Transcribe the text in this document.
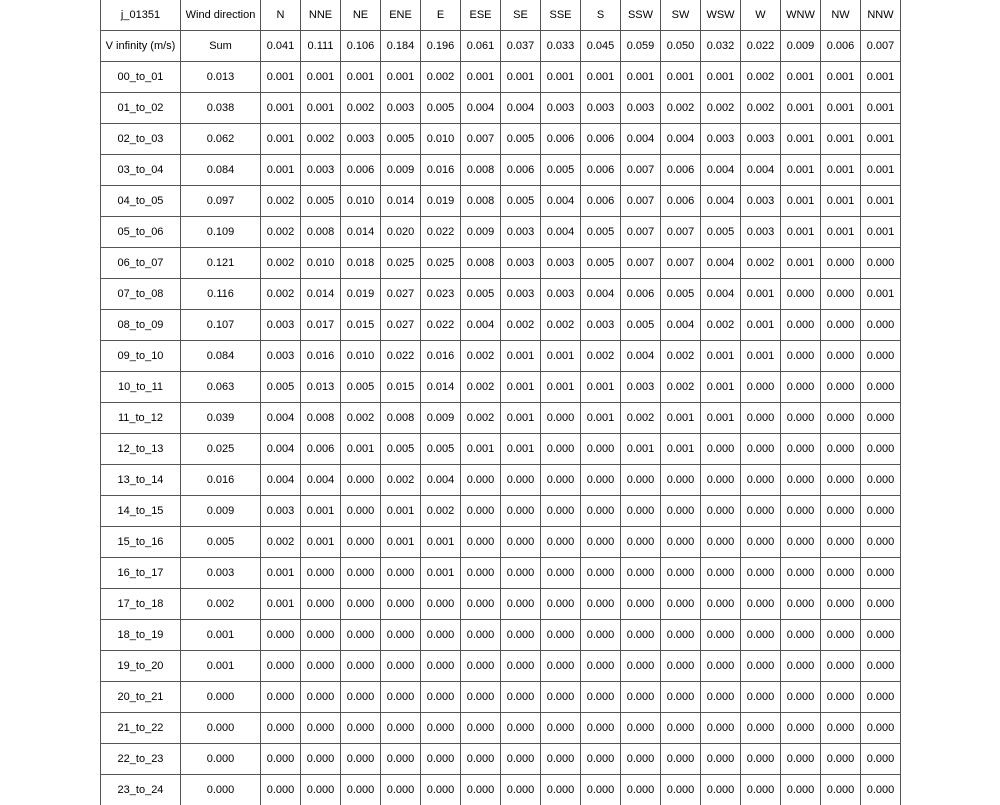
j_01351	Wind direction	N	NNE	NE	ENE	E	ESE	SE	SSE	S	SSW	SW	WSW	W	WNW	NW	NNW
V infinity (m/s)	Sum	0.041	0.111	0.106	0.184	0.196	0.061	0.037	0.033	0.045	0.059	0.050	0.032	0.022	0.009	0.006	0.007
00_to_01	0.013	0.001	0.001	0.001	0.001	0.002	0.001	0.001	0.001	0.001	0.001	0.001	0.001	0.002	0.001	0.001	0.001
01_to_02	0.038	0.001	0.001	0.002	0.003	0.005	0.004	0.004	0.003	0.003	0.003	0.002	0.002	0.002	0.001	0.001	0.001
02_to_03	0.062	0.001	0.002	0.003	0.005	0.010	0.007	0.005	0.006	0.006	0.004	0.004	0.003	0.003	0.001	0.001	0.001
03_to_04	0.084	0.001	0.003	0.006	0.009	0.016	0.008	0.006	0.005	0.006	0.007	0.006	0.004	0.004	0.001	0.001	0.001
04_to_05	0.097	0.002	0.005	0.010	0.014	0.019	0.008	0.005	0.004	0.006	0.007	0.006	0.004	0.003	0.001	0.001	0.001
05_to_06	0.109	0.002	0.008	0.014	0.020	0.022	0.009	0.003	0.004	0.005	0.007	0.007	0.005	0.003	0.001	0.001	0.001
06_to_07	0.121	0.002	0.010	0.018	0.025	0.025	0.008	0.003	0.003	0.005	0.007	0.007	0.004	0.002	0.001	0.000	0.000
07_to_08	0.116	0.002	0.014	0.019	0.027	0.023	0.005	0.003	0.003	0.004	0.006	0.005	0.004	0.001	0.000	0.000	0.001
08_to_09	0.107	0.003	0.017	0.015	0.027	0.022	0.004	0.002	0.002	0.003	0.005	0.004	0.002	0.001	0.000	0.000	0.000
09_to_10	0.084	0.003	0.016	0.010	0.022	0.016	0.002	0.001	0.001	0.002	0.004	0.002	0.001	0.001	0.000	0.000	0.000
10_to_11	0.063	0.005	0.013	0.005	0.015	0.014	0.002	0.001	0.001	0.001	0.003	0.002	0.001	0.000	0.000	0.000	0.000
11_to_12	0.039	0.004	0.008	0.002	0.008	0.009	0.002	0.001	0.000	0.001	0.002	0.001	0.001	0.000	0.000	0.000	0.000
12_to_13	0.025	0.004	0.006	0.001	0.005	0.005	0.001	0.001	0.000	0.000	0.001	0.001	0.000	0.000	0.000	0.000	0.000
13_to_14	0.016	0.004	0.004	0.000	0.002	0.004	0.000	0.000	0.000	0.000	0.000	0.000	0.000	0.000	0.000	0.000	0.000
14_to_15	0.009	0.003	0.001	0.000	0.001	0.002	0.000	0.000	0.000	0.000	0.000	0.000	0.000	0.000	0.000	0.000	0.000
15_to_16	0.005	0.002	0.001	0.000	0.001	0.001	0.000	0.000	0.000	0.000	0.000	0.000	0.000	0.000	0.000	0.000	0.000
16_to_17	0.003	0.001	0.000	0.000	0.000	0.001	0.000	0.000	0.000	0.000	0.000	0.000	0.000	0.000	0.000	0.000	0.000
17_to_18	0.002	0.001	0.000	0.000	0.000	0.000	0.000	0.000	0.000	0.000	0.000	0.000	0.000	0.000	0.000	0.000	0.000
18_to_19	0.001	0.000	0.000	0.000	0.000	0.000	0.000	0.000	0.000	0.000	0.000	0.000	0.000	0.000	0.000	0.000	0.000
19_to_20	0.001	0.000	0.000	0.000	0.000	0.000	0.000	0.000	0.000	0.000	0.000	0.000	0.000	0.000	0.000	0.000	0.000
20_to_21	0.000	0.000	0.000	0.000	0.000	0.000	0.000	0.000	0.000	0.000	0.000	0.000	0.000	0.000	0.000	0.000	0.000
21_to_22	0.000	0.000	0.000	0.000	0.000	0.000	0.000	0.000	0.000	0.000	0.000	0.000	0.000	0.000	0.000	0.000	0.000
22_to_23	0.000	0.000	0.000	0.000	0.000	0.000	0.000	0.000	0.000	0.000	0.000	0.000	0.000	0.000	0.000	0.000	0.000
23_to_24	0.000	0.000	0.000	0.000	0.000	0.000	0.000	0.000	0.000	0.000	0.000	0.000	0.000	0.000	0.000	0.000	0.000
